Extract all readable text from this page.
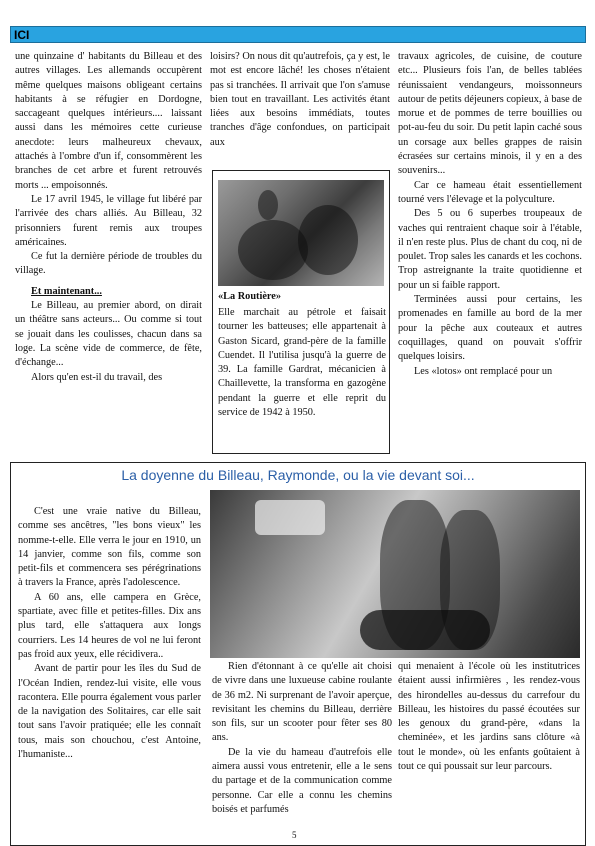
ICI

une quinzaine d' habitants du Billeau et des autres villages. Les allemands occupèrent même quelques maisons obligeant certains habitants à se réfugier en Dordogne, saccageant quelques intérieurs.... laissant aussi dans les mémoires cette curieuse anecdote: leurs malheureux chevaux, attachés à l'ombre d'un if, consommèrent les branches de cet arbre et furent retrouvés morts ... empoisonnés.

Le 17 avril 1945, le village fut libéré par l'arrivée des chars alliés. Au Billeau, 32 prisonniers furent remis aux troupes américaines.

Ce fut la dernière période de troubles du village.

Et maintenant...

Le Billeau, au premier abord, on dirait un théâtre sans acteurs... Ou comme si tout se jouait dans les coulisses, chacun dans sa loge. La scène vide de commerce, de fête, d'échange...

Alors qu'en est-il du travail, des

loisirs? On nous dit qu'autrefois, ça y est, le mot est encore lâché! les choses n'étaient pas si tranchées. Il arrivait que l'on s'amuse bien tout en travaillant. Les activités étant liées aux besoins immédiats, toutes tranches d'âge confondues, on participait aux

«La Routière»
Elle marchait au pétrole et faisait tourner les batteuses; elle appartenait à Gaston Sicard, grand-père de la famille Cuendet. Il l'utilisa jusqu'à la guerre de 39. La famille Gardrat, mécanicien à Chaillevette, la transforma en gazogène pendant la guerre et elle reprit du service de 1942 à 1950.

travaux agricoles, de cuisine, de couture etc... Plusieurs fois l'an, de belles tablées réunissaient vendangeurs, moissonneurs autour de petits déjeuners copieux, à base de morue et de pommes de terre bouillies ou pot-au-feu du soir. Du petit lapin caché sous un corsage aux belles grappes de raisin écrasées sur certains minois, il y en a des souvenirs...

Car ce hameau était essentiellement tourné vers l'élevage et la polyculture.

Des 5 ou 6 superbes troupeaux de vaches qui rentraient chaque soir à l'étable, il n'en reste plus. Plus de chant du coq, ni de poulet. Trop sales les canards et les cochons. Trop astreignante la traite quotidienne et pour un si faible rapport.

Terminées aussi pour certains, les promenades en famille au bord de la mer pour la pêche aux couteaux et autres coquillages, quand on pouvait s'offrir quelques loisirs.

Les «lotos» ont remplacé pour un

La doyenne du Billeau, Raymonde, ou la vie devant soi...

C'est une vraie native du Billeau, comme ses ancêtres, "les bons vieux" les nomme-t-elle. Elle verra le jour en 1910, un 14 janvier, comme son fils, comme son petit-fils et commencera ses pérégrinations à travers la France, après l'adolescence.

A 60 ans, elle campera en Grèce, spartiate, avec fille et petites-filles. Dix ans plus tard, elle s'attaquera aux longs courriers. Les 14 heures de vol ne lui feront pas froid aux yeux, elle récidivera..

Avant de partir pour les îles du Sud de l'Océan Indien, rendez-lui visite, elle vous racontera. Elle pourra également vous parler de la navigation des Solitaires, car elle sait tout sans l'avoir pratiquée; elle les connaît tous, mais son chouchou, c'est Antoine, l'humaniste...

Rien d'étonnant à ce qu'elle ait choisi de vivre dans une luxueuse cabine roulante de 36 m2. Ni surprenant de l'avoir aperçue, revisitant les chemins du Billeau, derrière son fils, sur un scooter pour fêter ses 80 ans.

De la vie du hameau d'autrefois elle aimera aussi vous entretenir, elle a le sens du partage et de la communication comme personne. Car elle a connu les chemins boisés et parfumés

qui menaient à l'école où les institutrices étaient aussi infirmières , les rendez-vous des hirondelles au-dessus du carrefour du Billeau, les histoires du passé écoutées sur les genoux du grand-père, «dans la cheminée», et les jardins sans clôture «à tout le monde», où les enfants goûtaient à tout ce qui poussait sur leur parcours.

5
